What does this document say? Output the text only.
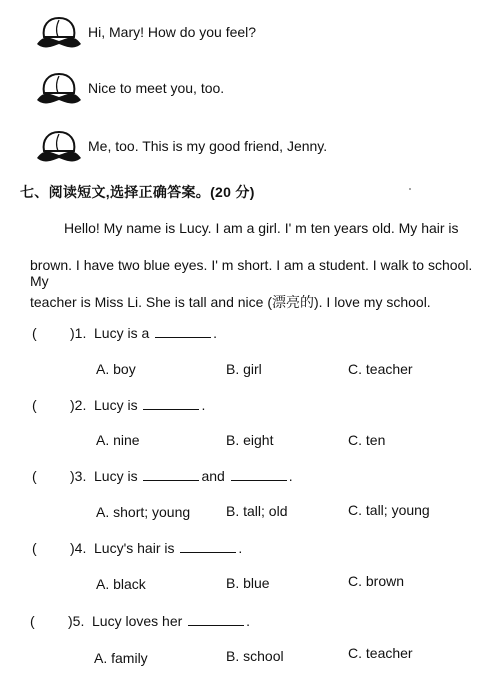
Hi, Mary! How do you feel?
Nice to meet you, too.
Me, too. This is my good friend, Jenny.
七、阅读短文,选择正确答案。(20 分)
Hello! My name is Lucy. I am a girl. I' m ten years old. My hair is
brown. I have two blue eyes. I' m short. I am a student. I walk to school. My
teacher is Miss Li. She is tall and nice (漂亮的). I love my school.
( )1. Lucy is a	.
A. boy	B. girl	C. teacher
( )2. Lucy is	.
A. nine	B. eight	C. ten
( )3. Lucy is	and	.
A. short; young	B. tall; old	C. tall; young
( )4. Lucy's hair is	.
A. black	B. blue	C. brown
( )5. Lucy loves her	.
A. family	B. school	C. teacher
